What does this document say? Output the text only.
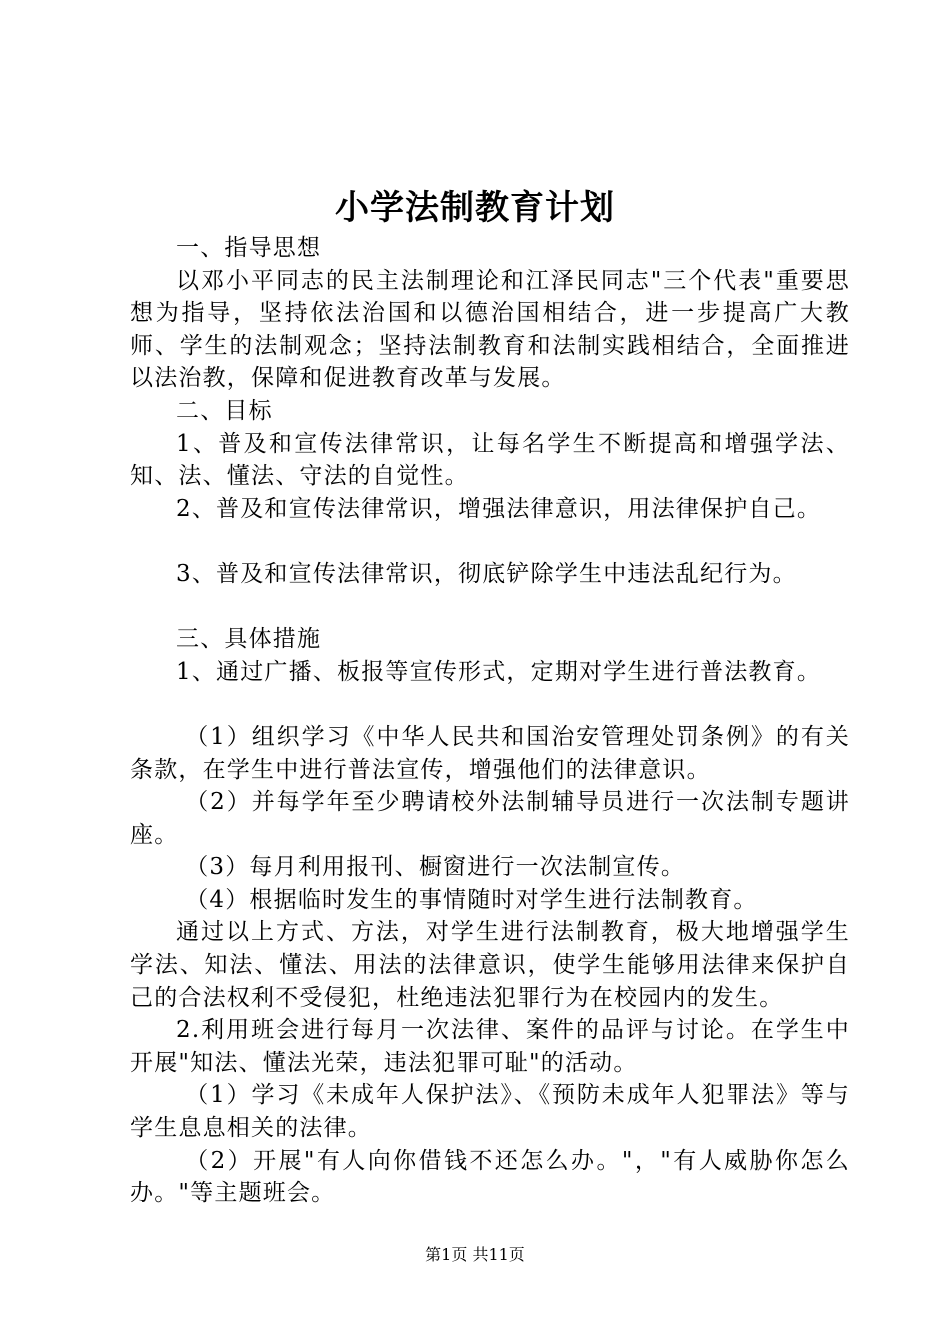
小学法制教育计划

一、指导思想

以邓小平同志的民主法制理论和江泽民同志"三个代表"重要思想为指导，坚持依法治国和以德治国相结合，进一步提高广大教师、学生的法制观念；坚持法制教育和法制实践相结合，全面推进以法治教，保障和促进教育改革与发展。

二、目标

1、普及和宣传法律常识，让每名学生不断提高和增强学法、知、法、懂法、守法的自觉性。

2、普及和宣传法律常识，增强法律意识，用法律保护自己。

3、普及和宣传法律常识，彻底铲除学生中违法乱纪行为。

三、具体措施

1、通过广播、板报等宣传形式，定期对学生进行普法教育。

（1）组织学习《中华人民共和国治安管理处罚条例》的有关条款，在学生中进行普法宣传，增强他们的法律意识。

（2）并每学年至少聘请校外法制辅导员进行一次法制专题讲座。

（3）每月利用报刊、橱窗进行一次法制宣传。

（4）根据临时发生的事情随时对学生进行法制教育。

通过以上方式、方法，对学生进行法制教育，极大地增强学生学法、知法、懂法、用法的法律意识，使学生能够用法律来保护自己的合法权利不受侵犯，杜绝违法犯罪行为在校园内的发生。

2.利用班会进行每月一次法律、案件的品评与讨论。在学生中开展"知法、懂法光荣，违法犯罪可耻"的活动。

（1）学习《未成年人保护法》、《预防未成年人犯罪法》等与学生息息相关的法律。

（2）开展"有人向你借钱不还怎么办。"，"有人威胁你怎么办。"等主题班会。

第1页 共11页
